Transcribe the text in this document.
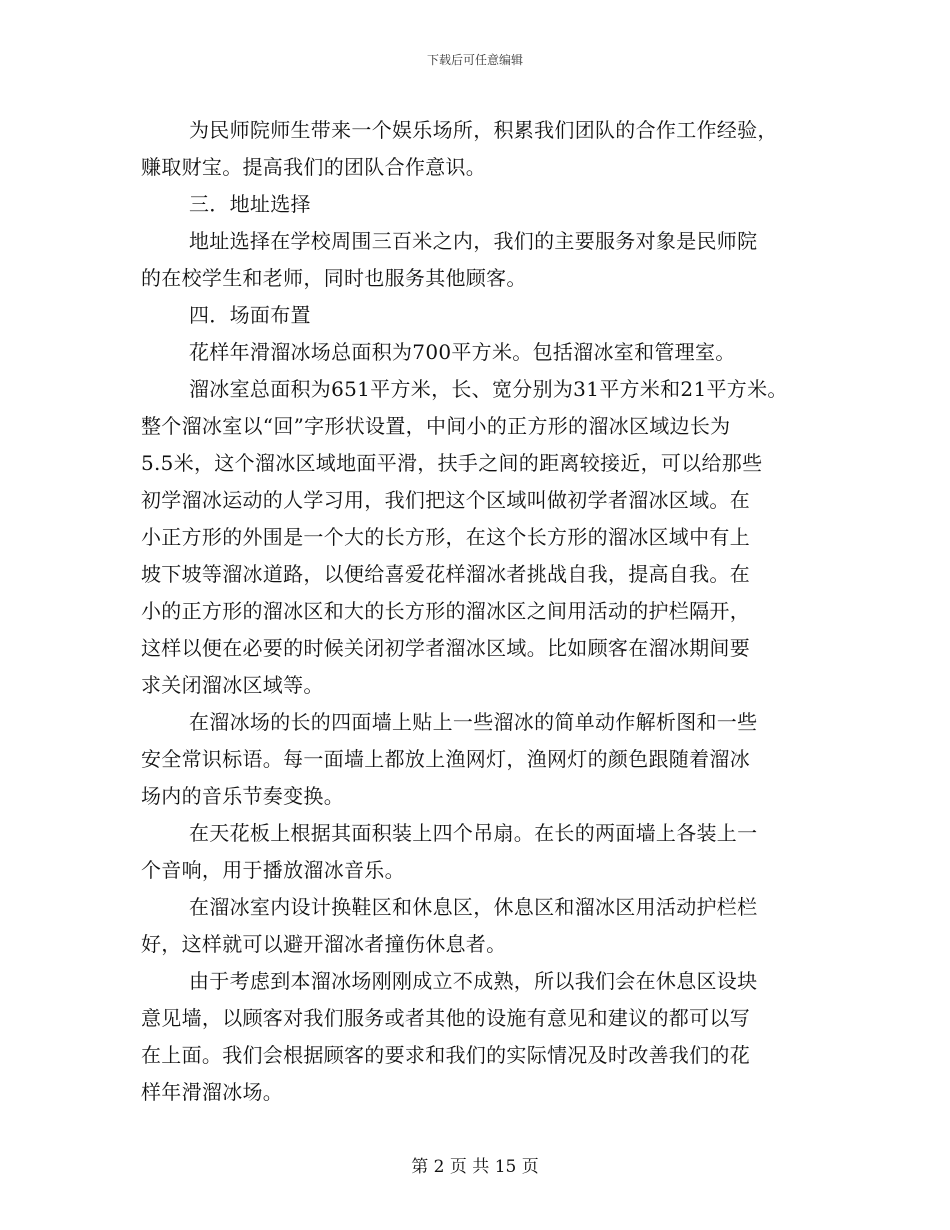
下载后可任意编辑
为民师院师生带来一个娱乐场所，积累我们团队的合作工作经验，
赚取财宝。提高我们的团队合作意识。
三．地址选择
地址选择在学校周围三百米之内，我们的主要服务对象是民师院
的在校学生和老师，同时也服务其他顾客。
四．场面布置
花样年滑溜冰场总面积为700平方米。包括溜冰室和管理室。
溜冰室总面积为651平方米，长、宽分别为31平方米和21平方米。
整个溜冰室以“回”字形状设置，中间小的正方形的溜冰区域边长为
5.5米，这个溜冰区域地面平滑，扶手之间的距离较接近，可以给那些
初学溜冰运动的人学习用，我们把这个区域叫做初学者溜冰区域。在
小正方形的外围是一个大的长方形，在这个长方形的溜冰区域中有上
坡下坡等溜冰道路，以便给喜爱花样溜冰者挑战自我，提高自我。在
小的正方形的溜冰区和大的长方形的溜冰区之间用活动的护栏隔开，
这样以便在必要的时候关闭初学者溜冰区域。比如顾客在溜冰期间要
求关闭溜冰区域等。
在溜冰场的长的四面墙上贴上一些溜冰的简单动作解析图和一些
安全常识标语。每一面墙上都放上渔网灯，渔网灯的颜色跟随着溜冰
场内的音乐节奏变换。
在天花板上根据其面积装上四个吊扇。在长的两面墙上各装上一
个音响，用于播放溜冰音乐。
在溜冰室内设计换鞋区和休息区，休息区和溜冰区用活动护栏栏
好，这样就可以避开溜冰者撞伤休息者。
由于考虑到本溜冰场刚刚成立不成熟，所以我们会在休息区设块
意见墙，以顾客对我们服务或者其他的设施有意见和建议的都可以写
在上面。我们会根据顾客的要求和我们的实际情况及时改善我们的花
样年滑溜冰场。
第 2 页 共 15 页
